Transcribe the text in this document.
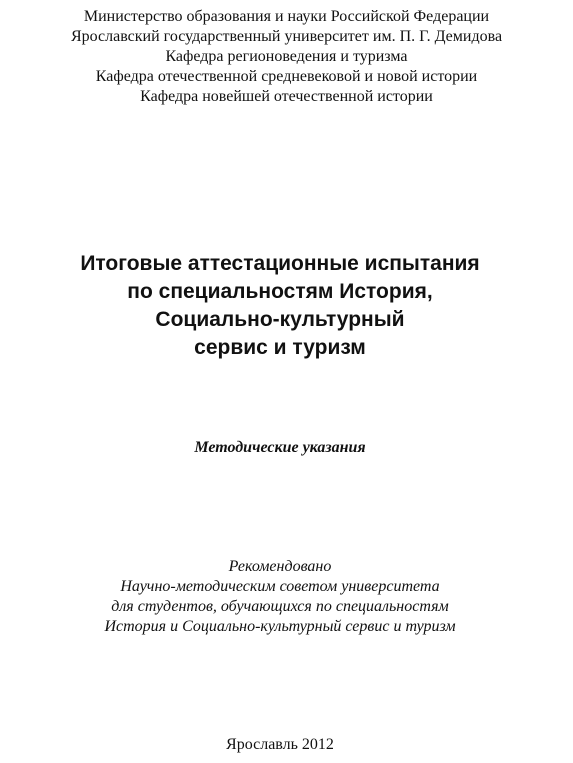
Министерство образования и науки Российской Федерации
Ярославский государственный университет им. П. Г. Демидова
Кафедра регионоведения и туризма
Кафедра отечественной средневековой и новой истории
Кафедра новейшей отечественной истории
Итоговые аттестационные испытания
по специальностям История,
Социально-культурный
сервис и туризм
Методические указания
Рекомендовано
Научно-методическим советом университета
для студентов, обучающихся по специальностям
История и Социально-культурный сервис и туризм
Ярославль 2012
